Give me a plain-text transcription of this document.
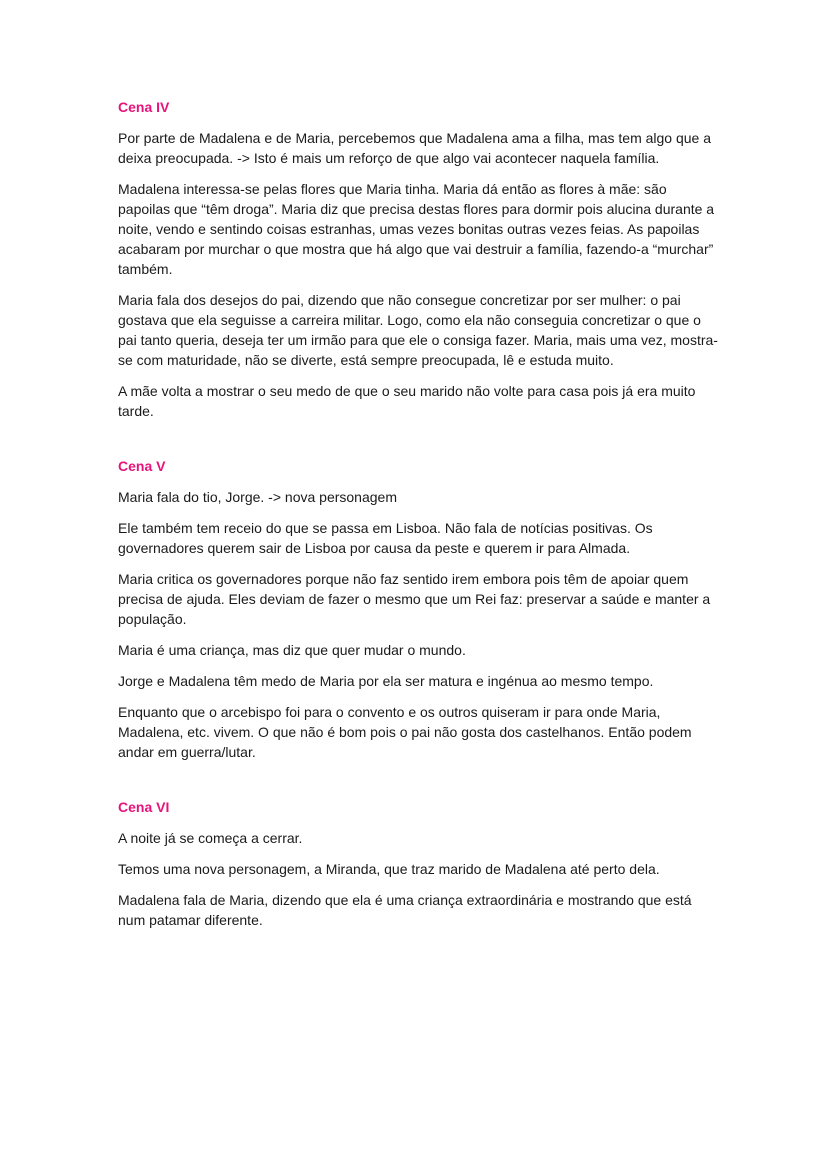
Cena IV

Por parte de Madalena e de Maria, percebemos que Madalena ama a filha, mas tem algo que a deixa preocupada. -> Isto é mais um reforço de que algo vai acontecer naquela família.

Madalena interessa-se pelas flores que Maria tinha. Maria dá então as flores à mãe: são papoilas que “têm droga”. Maria diz que precisa destas flores para dormir pois alucina durante a noite, vendo e sentindo coisas estranhas, umas vezes bonitas outras vezes feias. As papoilas acabaram por murchar o que mostra que há algo que vai destruir a família, fazendo-a “murchar” também.

Maria fala dos desejos do pai, dizendo que não consegue concretizar por ser mulher: o pai gostava que ela seguisse a carreira militar. Logo, como ela não conseguia concretizar o que o pai tanto queria, deseja ter um irmão para que ele o consiga fazer. Maria, mais uma vez, mostra-se com maturidade, não se diverte, está sempre preocupada, lê e estuda muito.

A mãe volta a mostrar o seu medo de que o seu marido não volte para casa pois já era muito tarde.

Cena V

Maria fala do tio, Jorge. -> nova personagem

Ele também tem receio do que se passa em Lisboa. Não fala de notícias positivas. Os governadores querem sair de Lisboa por causa da peste e querem ir para Almada.

Maria critica os governadores porque não faz sentido irem embora pois têm de apoiar quem precisa de ajuda. Eles deviam de fazer o mesmo que um Rei faz: preservar a saúde e manter a população.

Maria é uma criança, mas diz que quer mudar o mundo.

Jorge e Madalena têm medo de Maria por ela ser matura e ingénua ao mesmo tempo.

Enquanto que o arcebispo foi para o convento e os outros quiseram ir para onde Maria, Madalena, etc. vivem. O que não é bom pois o pai não gosta dos castelhanos. Então podem andar em guerra/lutar.

Cena VI

A noite já se começa a cerrar.

Temos uma nova personagem, a Miranda, que traz marido de Madalena até perto dela.

Madalena fala de Maria, dizendo que ela é uma criança extraordinária e mostrando que está num patamar diferente.
